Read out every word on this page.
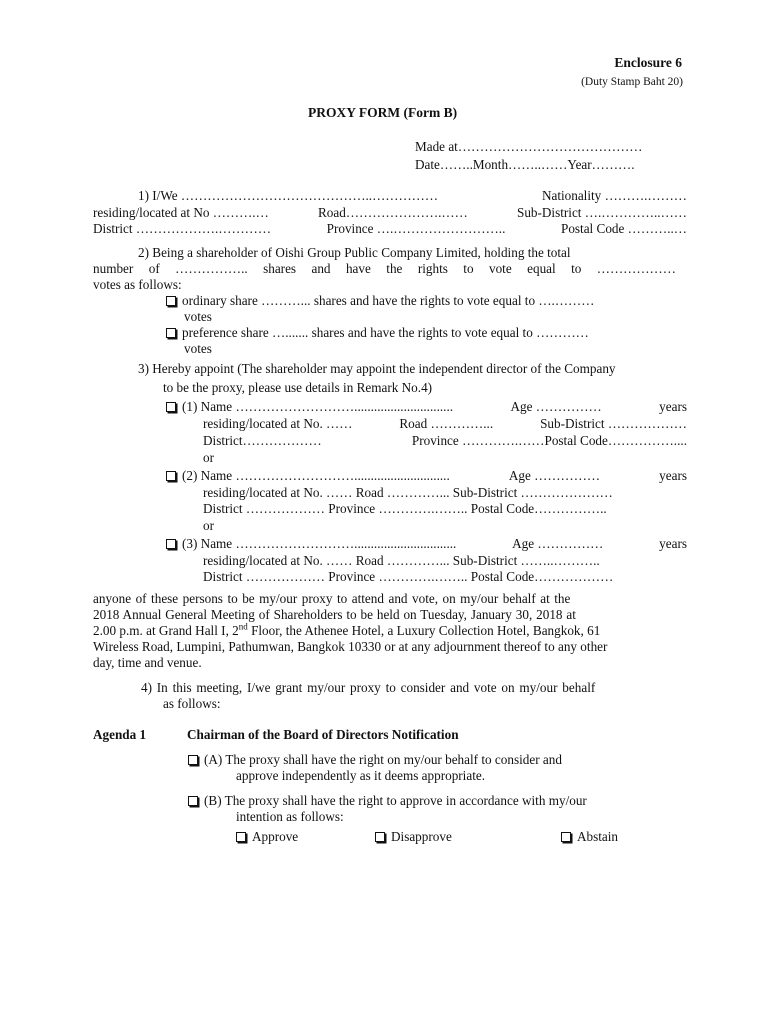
Enclosure 6
(Duty Stamp Baht 20)
PROXY FORM (Form B)
Made at……………………………………
Date……..Month……..……Year……….
1) I/We ……………………………………..……………	Nationality ……….………
residing/located at No ……….…	Road………………….……	Sub-District ….…………..……
District ……………….…………	Province ….……………………..	Postal Code ………..…
2) Being a shareholder of Oishi Group Public Company Limited, holding the total
number of …………….. shares and have the rights to vote equal to ………………
votes as follows:
ordinary share ………... shares and have the rights to vote equal to ….………
votes
preference share …....... shares and have the rights to vote equal to …………
votes
3) Hereby appoint (The shareholder may appoint the independent director of the Company
to be the proxy, please use details in Remark No.4)
(1) Name ………………………..............................	Age ……………	years
residing/located at No. ……	Road …………...	Sub-District ………………
District………………	Province ………….……Postal Code……………....
or
(2) Name ……………………….............................	Age ……………	years
residing/located at No. …… Road …………... Sub-District …………………
District ……………… Province ………….…….. Postal Code……………..
or
(3) Name ………………………...............................	Age ……………	years
residing/located at No. …… Road …………... Sub-District ……..………..
District ……………… Province ………….…….. Postal Code………………
anyone of these persons to be my/our proxy to attend and vote, on my/our behalf at the
2018 Annual General Meeting of Shareholders to be held on Tuesday, January 30, 2018 at
2.00 p.m. at Grand Hall I, 2nd Floor, the Athenee Hotel, a Luxury Collection Hotel, Bangkok, 61
Wireless Road, Lumpini, Pathumwan, Bangkok 10330 or at any adjournment thereof to any other
day, time and venue.
4) In this meeting, I/we grant my/our proxy to consider and vote on my/our behalf
as follows:
Agenda 1	Chairman of the Board of Directors Notification
(A) The proxy shall have the right on my/our behalf to consider and
approve independently as it deems appropriate.
(B) The proxy shall have the right to approve in accordance with my/our
intention as follows:
Approve	Disapprove	Abstain
